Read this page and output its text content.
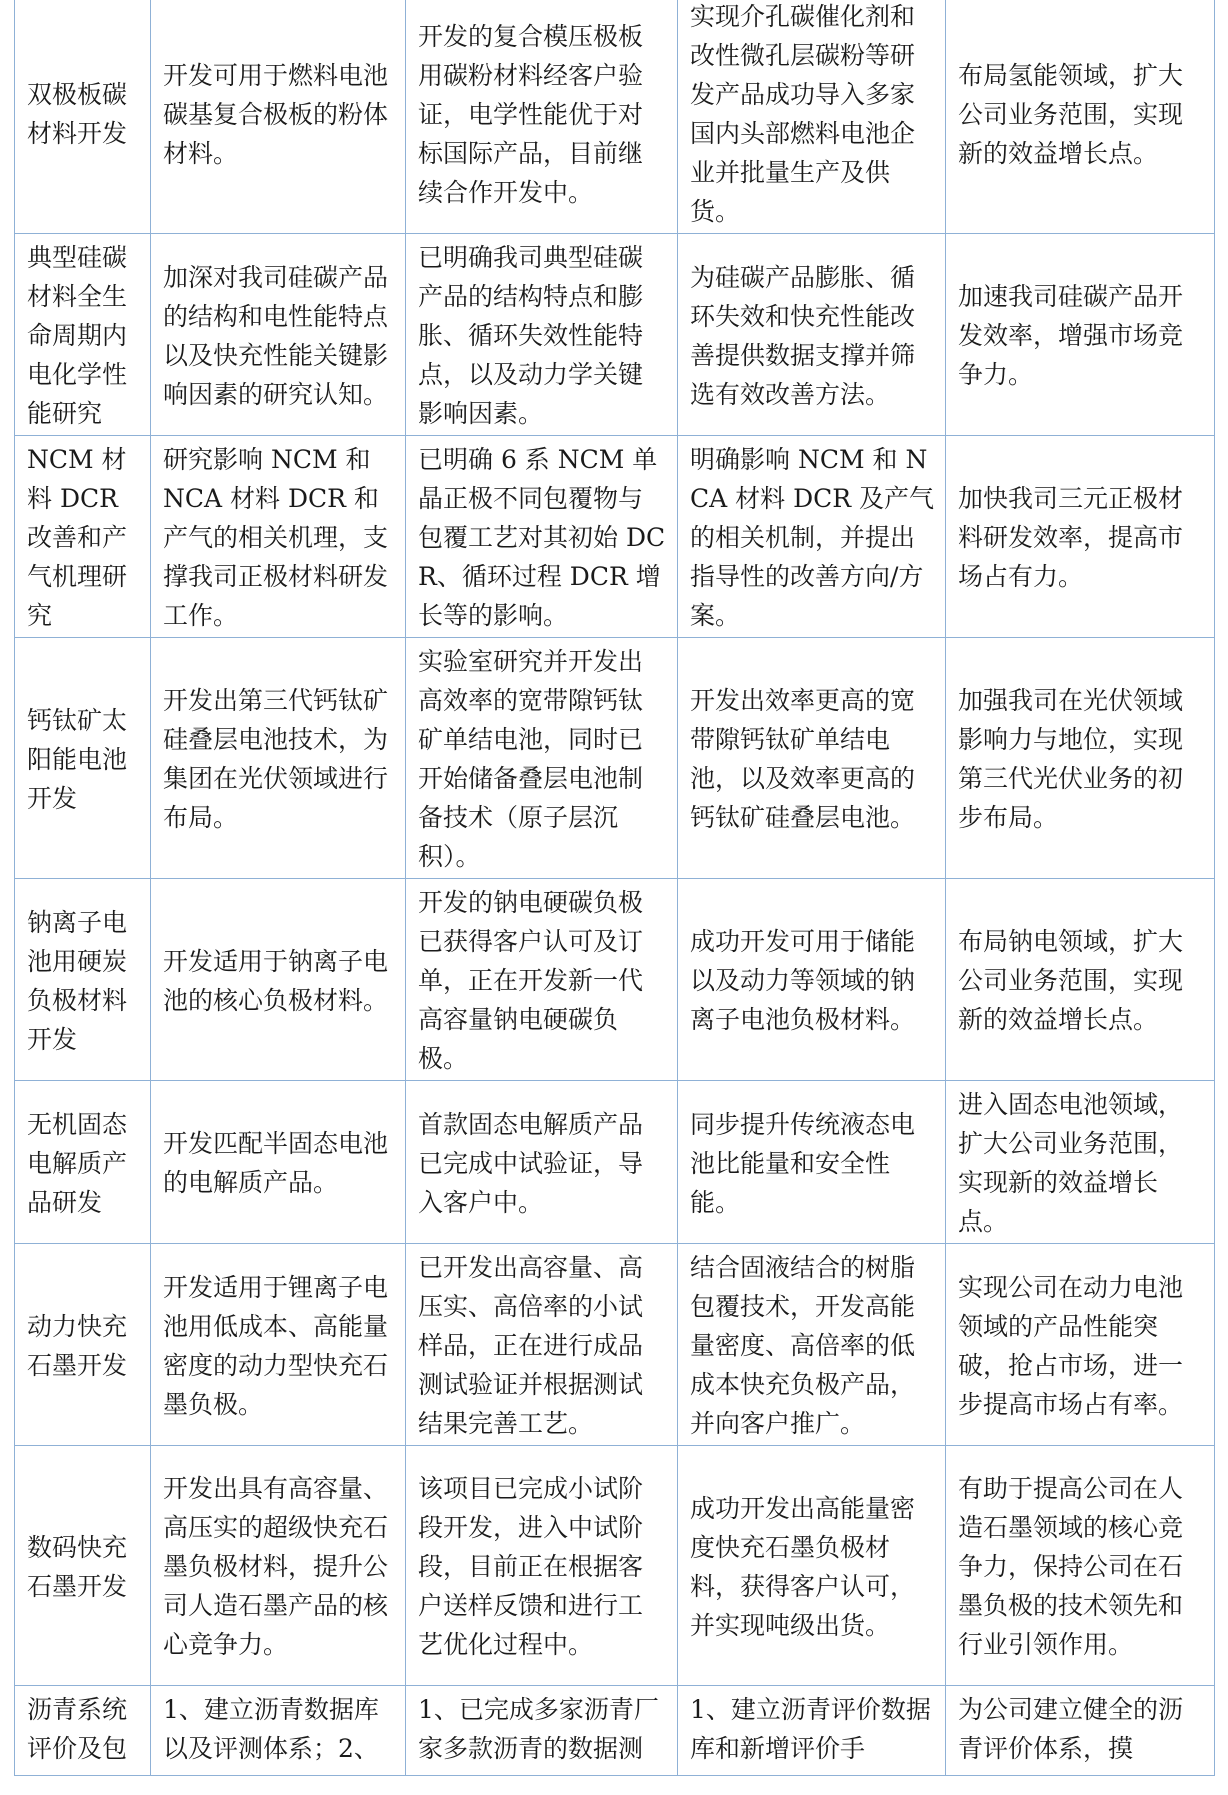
双极板碳材料开发	开发可用于燃料电池碳基复合极板的粉体材料。	开发的复合模压极板用碳粉材料经客户验证，电学性能优于对标国际产品，目前继续合作开发中。	实现介孔碳催化剂和改性微孔层碳粉等研发产品成功导入多家国内头部燃料电池企业并批量生产及供货。	布局氢能领域，扩大公司业务范围，实现新的效益增长点。
典型硅碳材料全生命周期内电化学性能研究	加深对我司硅碳产品的结构和电性能特点以及快充性能关键影响因素的研究认知。	已明确我司典型硅碳产品的结构特点和膨胀、循环失效性能特点，以及动力学关键影响因素。	为硅碳产品膨胀、循环失效和快充性能改善提供数据支撑并筛选有效改善方法。	加速我司硅碳产品开发效率，增强市场竞争力。
NCM 材料 DCR 改善和产气机理研究	研究影响 NCM 和 NCA 材料 DCR 和产气的相关机理，支撑我司正极材料研发工作。	已明确 6 系 NCM 单晶正极不同包覆物与包覆工艺对其初始 DCR、循环过程 DCR 增长等的影响。	明确影响 NCM 和 NCA 材料 DCR 及产气的相关机制，并提出指导性的改善方向/方案。	加快我司三元正极材料研发效率，提高市场占有力。
钙钛矿太阳能电池开发	开发出第三代钙钛矿硅叠层电池技术，为集团在光伏领域进行布局。	实验室研究并开发出高效率的宽带隙钙钛矿单结电池，同时已开始储备叠层电池制备技术（原子层沉积）。	开发出效率更高的宽带隙钙钛矿单结电池，以及效率更高的钙钛矿硅叠层电池。	加强我司在光伏领域影响力与地位，实现第三代光伏业务的初步布局。
钠离子电池用硬炭负极材料开发	开发适用于钠离子电池的核心负极材料。	开发的钠电硬碳负极已获得客户认可及订单，正在开发新一代高容量钠电硬碳负极。	成功开发可用于储能以及动力等领域的钠离子电池负极材料。	布局钠电领域，扩大公司业务范围，实现新的效益增长点。
无机固态电解质产品研发	开发匹配半固态电池的电解质产品。	首款固态电解质产品已完成中试验证，导入客户中。	同步提升传统液态电池比能量和安全性能。	进入固态电池领域，扩大公司业务范围，实现新的效益增长点。
动力快充石墨开发	开发适用于锂离子电池用低成本、高能量密度的动力型快充石墨负极。	已开发出高容量、高压实、高倍率的小试样品，正在进行成品测试验证并根据测试结果完善工艺。	结合固液结合的树脂包覆技术，开发高能量密度、高倍率的低成本快充负极产品，并向客户推广。	实现公司在动力电池领域的产品性能突破，抢占市场，进一步提高市场占有率。
数码快充石墨开发	开发出具有高容量、高压实的超级快充石墨负极材料，提升公司人造石墨产品的核心竞争力。	该项目已完成小试阶段开发，进入中试阶段，目前正在根据客户送样反馈和进行工艺优化过程中。	成功开发出高能量密度快充石墨负极材料，获得客户认可，并实现吨级出货。	有助于提高公司在人造石墨领域的核心竞争力，保持公司在石墨负极的技术领先和行业引领作用。
沥青系统评价及包	1、建立沥青数据库以及评测体系；2、	1、已完成多家沥青厂家多款沥青的数据测	1、建立沥青评价数据库和新增评价手	为公司建立健全的沥青评价体系，摸
